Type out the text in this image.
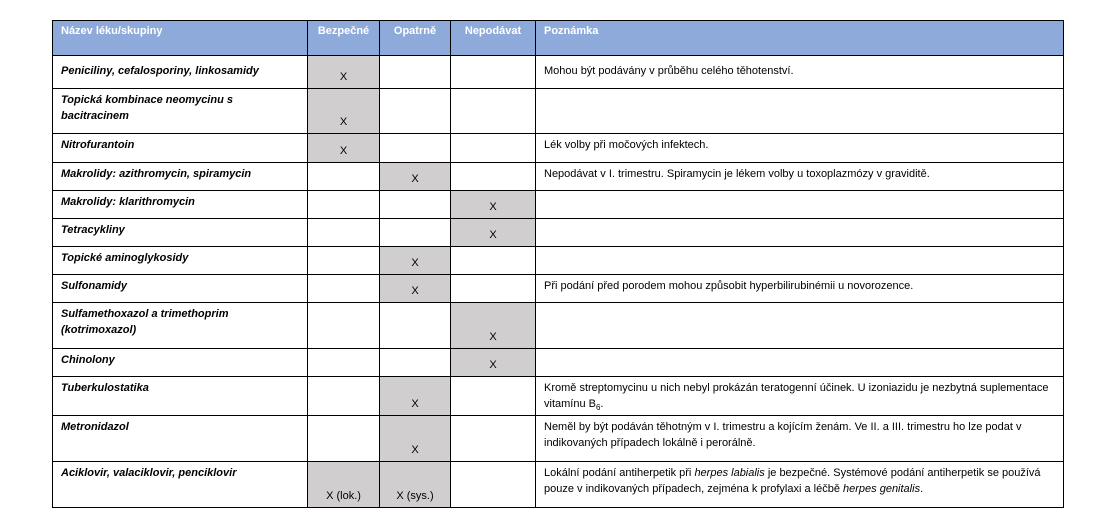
Název léku/skupiny	Bezpečné	Opatrně	Nepodávat	Poznámka
Peniciliny, cefalosporiny, linkosamidy	X			Mohou být podávány v průběhu celého těhotenství.
Topická kombinace neomycinu s bacitracinem	X			
Nitrofurantoin	X			Lék volby při močových infektech.
Makrolidy: azithromycin, spiramycin		X		Nepodávat v I. trimestru. Spiramycin je lékem volby u toxoplazmózy v graviditě.
Makrolidy: klarithromycin			X	
Tetracykliny			X	
Topické aminoglykosidy		X		
Sulfonamidy		X		Při podání před porodem mohou způsobit hyperbilirubinémii u novorozence.
Sulfamethoxazol a trimethoprim (kotrimoxazol)			X	
Chinolony			X	
Tuberkulostatika		X		Kromě streptomycinu u nich nebyl prokázán teratogenní účinek. U izoniazidu je nezbytná suplementace vitamínu $B_6$.
Metronidazol		X		Neměl by být podáván těhotným v I. trimestru a kojícím ženám. Ve II. a III. trimestru ho lze podat v indikovaných případech lokálně i perorálně.
Aciklovir, valaciklovir, penciklovir	X (lok.)	X (sys.)		Lokální podání antiherpetik při herpes labialis je bezpečné. Systémové podání antiherpetik se používá pouze v indikovaných případech, zejména k profylaxi a léčbě herpes genitalis.
